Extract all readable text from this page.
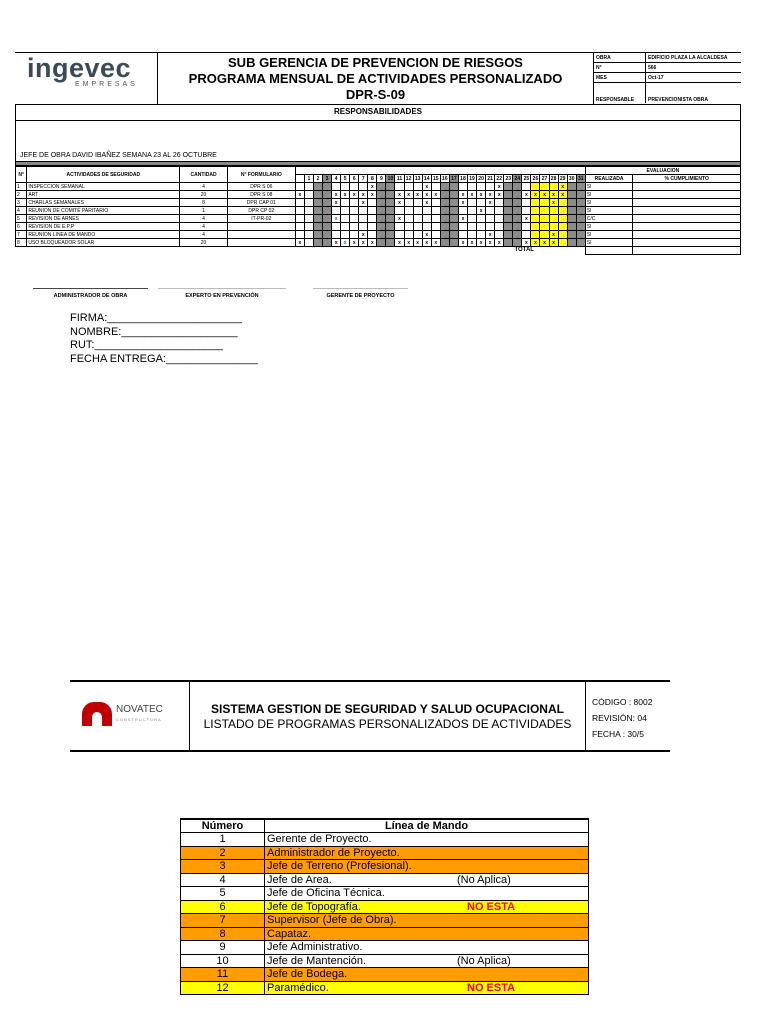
ingevec
EMPRESAS
SUB GERENCIA DE PREVENCION DE RIESGOS
PROGRAMA MENSUAL DE ACTIVIDADES PERSONALIZADO
DPR-S-09
OBRA	EDIFICIO PLAZA LA ALCALDESA
N°	566
MES	Oct-17
RESPONSABLE	PREVENCIONISTA OBRA
RESPONSABILIDADES
JEFE DE OBRA DAVID IBAÑEZ SEMANA 23 AL 26 OCTUBRE
N°	ACTIVIDADES DE SEGURIDAD	CANTIDAD	N° FORMULARIO																																	EVALUACION	
					1	2	3	4	5	6	7	8	9	10	11	12	13	14	15	16	17	18	19	20	21	22	23	24	25	26	27	28	29	30	31	REALIZADA	% CUMPLIMIENTO
1	INSPECCION SEMANAL	4	DPR S 06									x						x								x							x			SI	
2	ART	20	DPR S 08	x				x	x	x	x	x			x	x	x	x	x			x	x	x	x	x			x	x	x	x	x			SI	
3	CHARLAS SEMANALES	8	DPR CAP 01					x			x				x			x				x			x							x				SI	
4	REUNION DE COMITÉ PARITARIO	1	DPR CP 02																					x												SI	
5	REVISION DE ARNES	4	IT-PR-02					x							x							x							x							C/C	
6	REVISION DE E.P.P	4																																		SI	
7	REUNION LINEA DE MANDO	4									x							x							x							x				SI	
8	USO BLOQUEADOR SOLAR	20		x				x	x	x	x	x			x	x	x	x	x			x	x	x	x	x			x	x	x	x				SI	

TOTAL																																					

ADMINISTRADOR DE OBRA	EXPERTO EN PREVENCIÓN	GERENTE DE PROYECTO
FIRMA:______________________
NOMBRE:___________________
RUT:_____________________
FECHA ENTREGA:_______________
NOVATEC
CONSTRUCTORA
SISTEMA GESTION DE SEGURIDAD Y SALUD OCUPACIONAL
LISTADO DE PROGRAMAS PERSONALIZADOS DE ACTIVIDADES
CÓDIGO : 8002
REVISIÓN: 04
FECHA : 30/5
Número	Línea de Mando
1	Gerente de Proyecto.
2	Administrador de Proyecto.
3	Jefe de Terreno (Profesional).
4	Jefe de Area. (No Aplica)
5	Jefe de Oficina Técnica.
6	Jefe de Topografía. NO ESTA
7	Supervisor (Jefe de Obra).
8	Capataz.
9	Jefe Administrativo.
10	Jefe de Mantención. (No Aplica)
11	Jefe de Bodega.
12	Paramédico. NO ESTA
